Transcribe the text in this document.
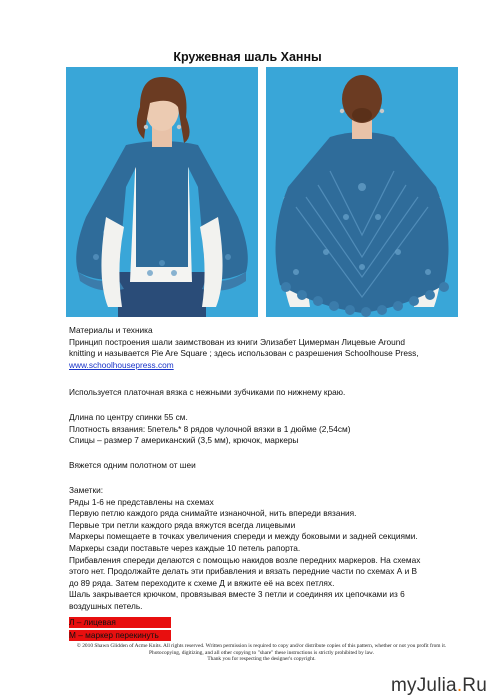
Кружевная шаль Ханны

Материалы и техника

Принцип построения шали заимствован из книги Элизабет Цимерман Лицевые Around

knitting и называется Pie Are Square ; здесь использован с разрешения Schoolhouse Press,

www.schoolhousepress.com

Используется платочная вязка с нежными зубчиками по нижнему краю.

Длина по центру спинки 55 см.

Плотность вязания: 5петель* 8 рядов чулочной вязки в 1 дюйме (2,54см)

Спицы – размер 7 американский (3,5 мм), крючок, маркеры

Вяжется одним полотном от шеи

Заметки:

Ряды 1-6 не представлены на схемах

Первую петлю каждого ряда снимайте изнаночной, нить впереди вязания.

Первые три петли каждого ряда вяжутся всегда лицевыми

Маркеры помещаете в точках увеличения спереди и между боковыми и задней секциями.

Маркеры сзади поставьте через каждые 10 петель рапорта.

Прибавления спереди делаются с помощью накидов возле передних маркеров. На схемах

этого нет. Продолжайте делать эти прибавления и вязать передние части по схемах А и В

до 89 ряда. Затем переходите к схеме Д и вяжите её на всех петлях.

Шаль закрывается крючком, провязывая вместе 3 петли и соединяя их цепочками из 6

воздушных петель.

Л – лицевая
М – маркер перекинуть
© 2010 Shawn Glidden of Acme Knits. All rights reserved. Written permission is required to copy and/or distribute copies of this pattern, whether or not you profit from it. Photocopying, digitizing, and all other copying to "share" these instructions is strictly prohibited by law.
Thank you for respecting the designer's copyright.
myJulia.Ru
